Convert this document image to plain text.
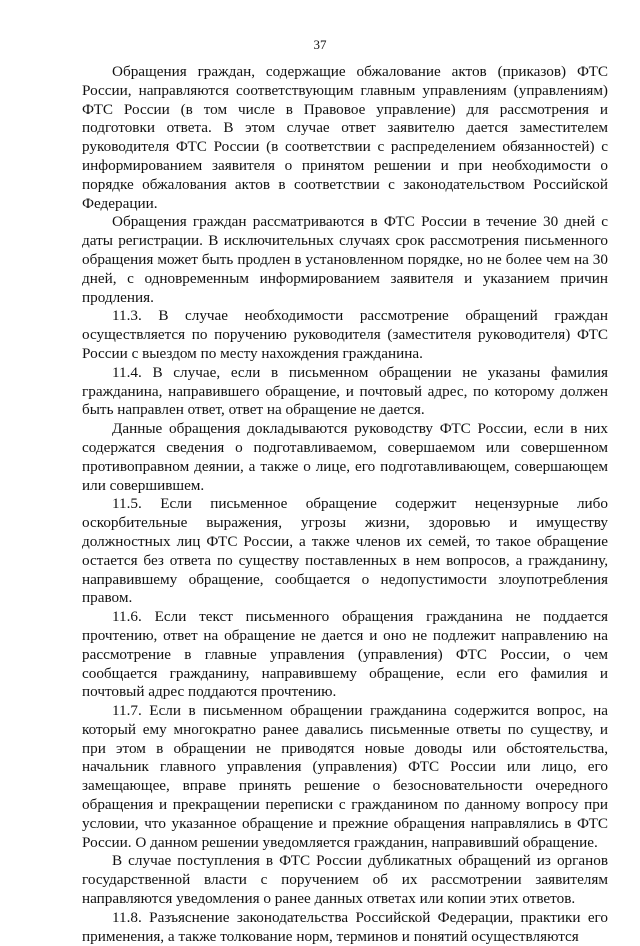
37

Обращения граждан, содержащие обжалование актов (приказов) ФТС России, направляются соответствующим главным управлениям (управлениям) ФТС России (в том числе в Правовое управление) для рассмотрения и подготовки ответа. В этом случае ответ заявителю дается заместителем руководителя ФТС России (в соответствии с распределением обязанностей) с информированием заявителя о принятом решении и при необходимости о порядке обжалования актов в соответствии с законодательством Российской Федерации.

Обращения граждан рассматриваются в ФТС России в течение 30 дней с даты регистрации. В исключительных случаях срок рассмотрения письменного обращения может быть продлен в установленном порядке, но не более чем на 30 дней, с одновременным информированием заявителя и указанием причин продления.

11.3. В случае необходимости рассмотрение обращений граждан осуществляется по поручению руководителя (заместителя руководителя) ФТС России с выездом по месту нахождения гражданина.

11.4. В случае, если в письменном обращении не указаны фамилия гражданина, направившего обращение, и почтовый адрес, по которому должен быть направлен ответ, ответ на обращение не дается.

Данные обращения докладываются руководству ФТС России, если в них содержатся сведения о подготавливаемом, совершаемом или совершенном противоправном деянии, а также о лице, его подготавливающем, совершающем или совершившем.

11.5. Если письменное обращение содержит нецензурные либо оскорбительные выражения, угрозы жизни, здоровью и имуществу должностных лиц ФТС России, а также членов их семей, то такое обращение остается без ответа по существу поставленных в нем вопросов, а гражданину, направившему обращение, сообщается о недопустимости злоупотребления правом.

11.6. Если текст письменного обращения гражданина не поддается прочтению, ответ на обращение не дается и оно не подлежит направлению на рассмотрение в главные управления (управления) ФТС России, о чем сообщается гражданину, направившему обращение, если его фамилия и почтовый адрес поддаются прочтению.

11.7. Если в письменном обращении гражданина содержится вопрос, на который ему многократно ранее давались письменные ответы по существу, и при этом в обращении не приводятся новые доводы или обстоятельства, начальник главного управления (управления) ФТС России или лицо, его замещающее, вправе принять решение о безосновательности очередного обращения и прекращении переписки с гражданином по данному вопросу при условии, что указанное обращение и прежние обращения направлялись в ФТС России. О данном решении уведомляется гражданин, направивший обращение.

В случае поступления в ФТС России дубликатных обращений из органов государственной власти с поручением об их рассмотрении заявителям направляются уведомления о ранее данных ответах или копии этих ответов.

11.8. Разъяснение законодательства Российской Федерации, практики его применения, а также толкование норм, терминов и понятий осуществляются
